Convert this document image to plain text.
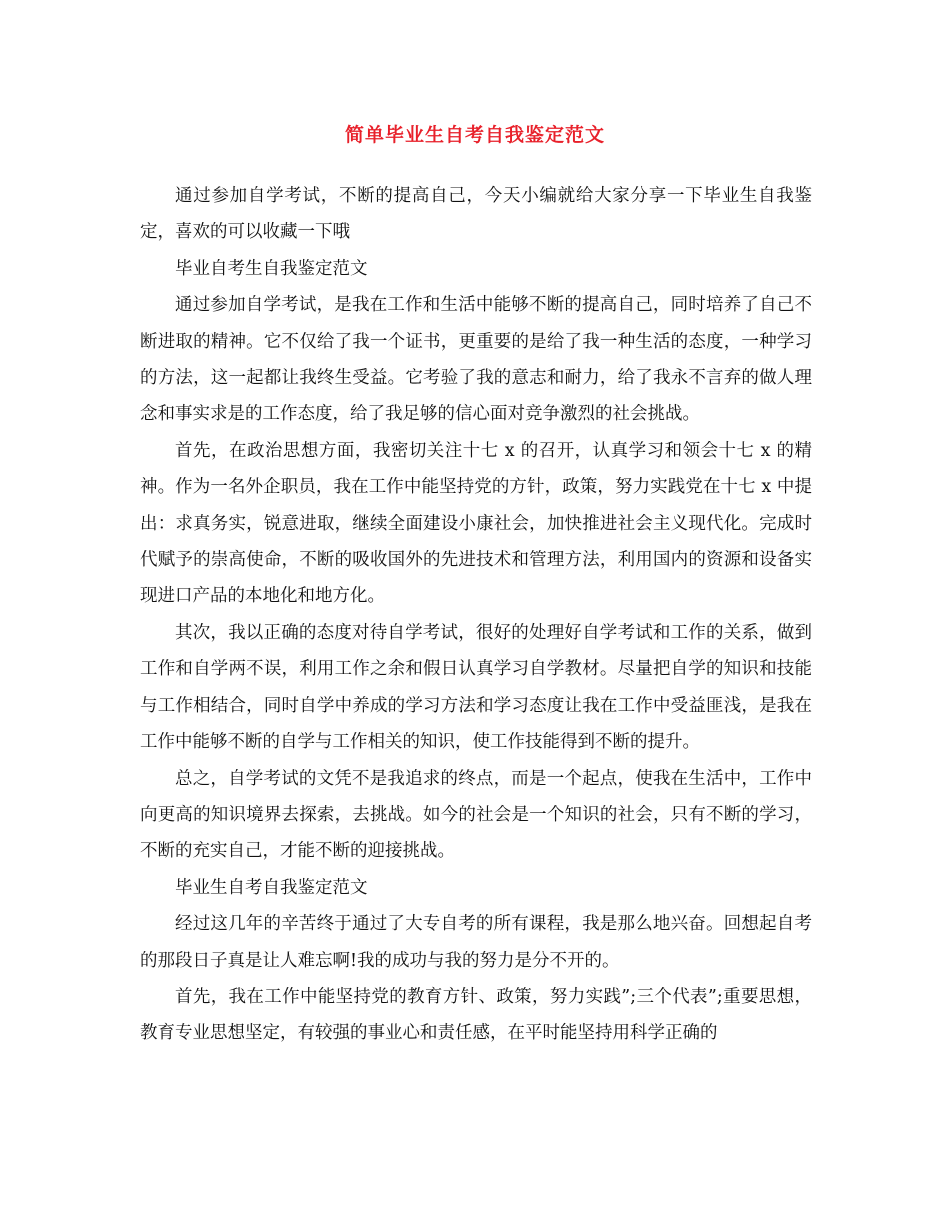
简单毕业生自考自我鉴定范文

通过参加自学考试，不断的提高自己，今天小编就给大家分享一下毕业生自我鉴定，喜欢的可以收藏一下哦

毕业自考生自我鉴定范文

通过参加自学考试，是我在工作和生活中能够不断的提高自己，同时培养了自己不断进取的精神。它不仅给了我一个证书，更重要的是给了我一种生活的态度，一种学习的方法，这一起都让我终生受益。它考验了我的意志和耐力，给了我永不言弃的做人理念和事实求是的工作态度，给了我足够的信心面对竞争激烈的社会挑战。

首先，在政治思想方面，我密切关注十七 x 的召开，认真学习和领会十七 x 的精神。作为一名外企职员，我在工作中能坚持党的方针，政策，努力实践党在十七 x 中提出：求真务实，锐意进取，继续全面建设小康社会，加快推进社会主义现代化。完成时代赋予的崇高使命，不断的吸收国外的先进技术和管理方法，利用国内的资源和设备实现进口产品的本地化和地方化。

其次，我以正确的态度对待自学考试，很好的处理好自学考试和工作的关系，做到工作和自学两不误，利用工作之余和假日认真学习自学教材。尽量把自学的知识和技能与工作相结合，同时自学中养成的学习方法和学习态度让我在工作中受益匪浅，是我在工作中能够不断的自学与工作相关的知识，使工作技能得到不断的提升。

总之，自学考试的文凭不是我追求的终点，而是一个起点，使我在生活中，工作中向更高的知识境界去探索，去挑战。如今的社会是一个知识的社会，只有不断的学习，不断的充实自己，才能不断的迎接挑战。

毕业生自考自我鉴定范文

经过这几年的辛苦终于通过了大专自考的所有课程，我是那么地兴奋。回想起自考的那段日子真是让人难忘啊!我的成功与我的努力是分不开的。

首先，我在工作中能坚持党的教育方针、政策，努力实践”;三个代表”;重要思想，教育专业思想坚定，有较强的事业心和责任感，在平时能坚持用科学正确的
